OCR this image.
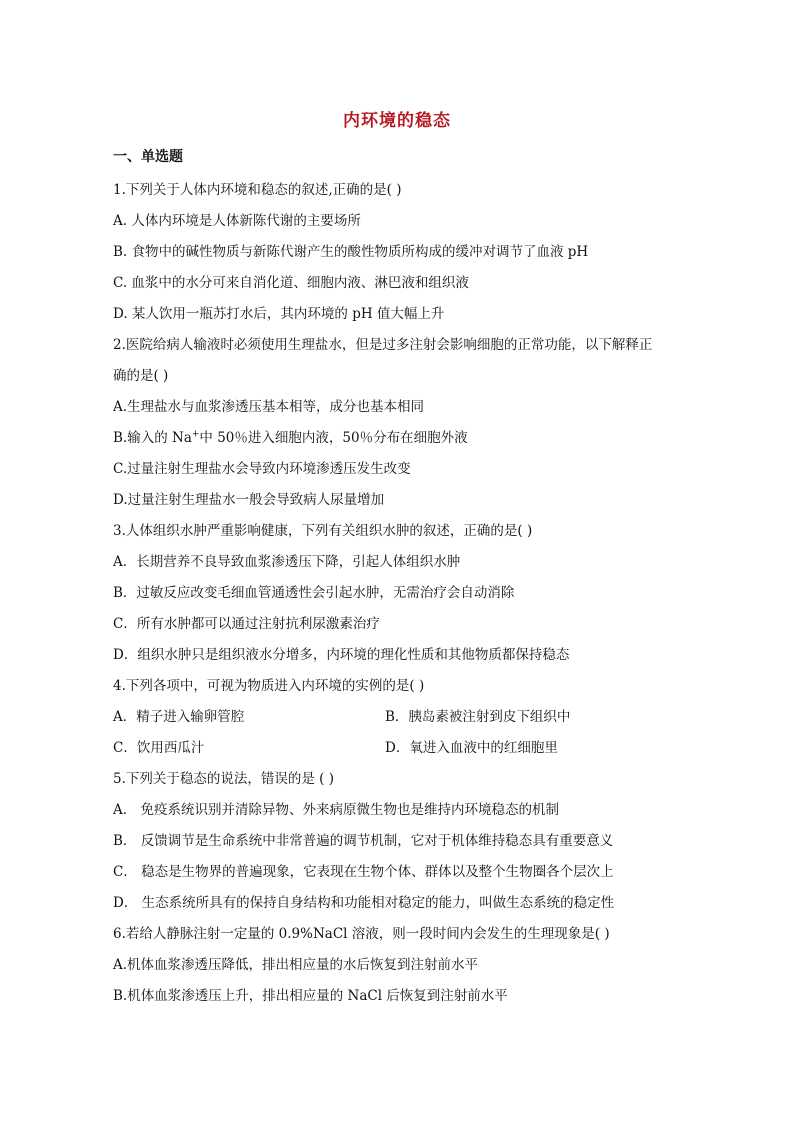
内环境的稳态
一、单选题
1.下列关于人体内环境和稳态的叙述,正确的是( )
A. 人体内环境是人体新陈代谢的主要场所
B. 食物中的碱性物质与新陈代谢产生的酸性物质所构成的缓冲对调节了血液 pH
C. 血浆中的水分可来自消化道、细胞内液、淋巴液和组织液
D. 某人饮用一瓶苏打水后，其内环境的 pH 值大幅上升
2.医院给病人输液时必须使用生理盐水，但是过多注射会影响细胞的正常功能，以下解释正
确的是( )
A.生理盐水与血浆渗透压基本相等，成分也基本相同
B.输入的 Na+中 50％进入细胞内液，50％分布在细胞外液
C.过量注射生理盐水会导致内环境渗透压发生改变
D.过量注射生理盐水一般会导致病人尿量增加
3.人体组织水肿严重影响健康，下列有关组织水肿的叙述，正确的是( )
A．长期营养不良导致血浆渗透压下降，引起人体组织水肿
B．过敏反应改变毛细血管通透性会引起水肿，无需治疗会自动消除
C．所有水肿都可以通过注射抗利尿激素治疗
D．组织水肿只是组织液水分增多，内环境的理化性质和其他物质都保持稳态
4.下列各项中，可视为物质进入内环境的实例的是( )
A．精子进入输卵管腔	B．胰岛素被注射到皮下组织中
C．饮用西瓜汁	D．氧进入血液中的红细胞里
5.下列关于稳态的说法，错误的是 ( )
A． 免疫系统识别并清除异物、外来病原微生物也是维持内环境稳态的机制
B． 反馈调节是生命系统中非常普遍的调节机制，它对于机体维持稳态具有重要意义
C． 稳态是生物界的普遍现象，它表现在生物个体、群体以及整个生物圈各个层次上
D． 生态系统所具有的保持自身结构和功能相对稳定的能力，叫做生态系统的稳定性
6.若给人静脉注射一定量的 0.9%NaCl 溶液，则一段时间内会发生的生理现象是( )
A.机体血浆渗透压降低，排出相应量的水后恢复到注射前水平
B.机体血浆渗透压上升，排出相应量的 NaCl 后恢复到注射前水平
